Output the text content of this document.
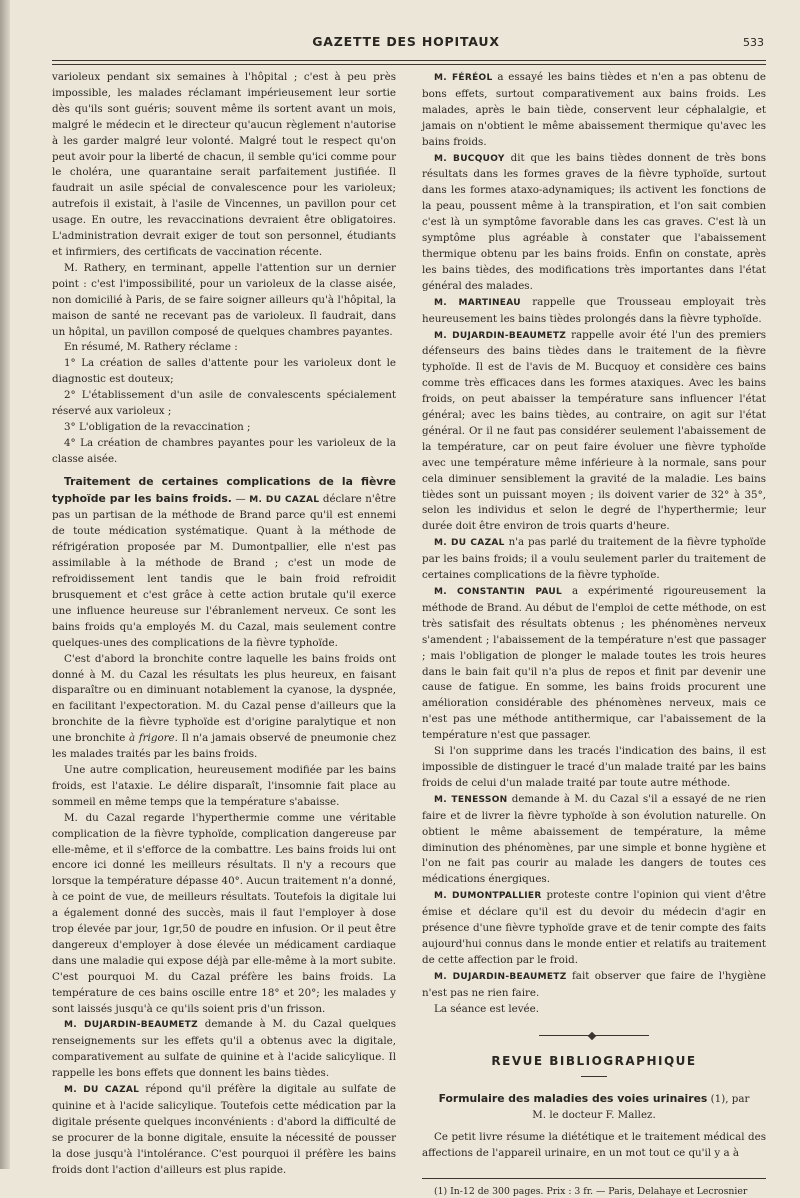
GAZETTE DES HOPITAUX	533

varioleux pendant six semaines à l'hôpital ; c'est à peu près impossible, les malades réclamant impérieusement leur sortie dès qu'ils sont guéris; souvent même ils sortent avant un mois, malgré le médecin et le directeur qu'aucun règlement n'autorise à les garder malgré leur volonté. Malgré tout le respect qu'on peut avoir pour la liberté de chacun, il semble qu'ici comme pour le choléra, une quarantaine serait parfaitement justifiée. Il faudrait un asile spécial de convalescence pour les varioleux; autrefois il existait, à l'asile de Vincennes, un pavillon pour cet usage. En outre, les revaccinations devraient être obligatoires. L'administration devrait exiger de tout son personnel, étudiants et infirmiers, des certificats de vaccination récente.

M. Rathery, en terminant, appelle l'attention sur un dernier point : c'est l'impossibilité, pour un varioleux de la classe aisée, non domicilié à Paris, de se faire soigner ailleurs qu'à l'hôpital, la maison de santé ne recevant pas de varioleux. Il faudrait, dans un hôpital, un pavillon composé de quelques chambres payantes.

En résumé, M. Rathery réclame :

1° La création de salles d'attente pour les varioleux dont le diagnostic est douteux;

2° L'établissement d'un asile de convalescents spécialement réservé aux varioleux ;

3° L'obligation de la revaccination ;

4° La création de chambres payantes pour les varioleux de la classe aisée.

Traitement de certaines complications de la fièvre typhoïde par les bains froids. — M. DU CAZAL déclare n'être pas un partisan de la méthode de Brand parce qu'il est ennemi de toute médication systématique. Quant à la méthode de réfrigération proposée par M. Dumontpallier, elle n'est pas assimilable à la méthode de Brand ; c'est un mode de refroidissement lent tandis que le bain froid refroidit brusquement et c'est grâce à cette action brutale qu'il exerce une influence heureuse sur l'ébranlement nerveux. Ce sont les bains froids qu'a employés M. du Cazal, mais seulement contre quelques-unes des complications de la fièvre typhoïde.

C'est d'abord la bronchite contre laquelle les bains froids ont donné à M. du Cazal les résultats les plus heureux, en faisant disparaître ou en diminuant notablement la cyanose, la dyspnée, en facilitant l'expectoration. M. du Cazal pense d'ailleurs que la bronchite de la fièvre typhoïde est d'origine paralytique et non une bronchite à frigore. Il n'a jamais observé de pneumonie chez les malades traités par les bains froids.

Une autre complication, heureusement modifiée par les bains froids, est l'ataxie. Le délire disparaît, l'insomnie fait place au sommeil en même temps que la température s'abaisse.

M. du Cazal regarde l'hyperthermie comme une véritable complication de la fièvre typhoïde, complication dangereuse par elle-même, et il s'efforce de la combattre. Les bains froids lui ont encore ici donné les meilleurs résultats. Il n'y a recours que lorsque la température dépasse 40°. Aucun traitement n'a donné, à ce point de vue, de meilleurs résultats. Toutefois la digitale lui a également donné des succès, mais il faut l'employer à dose trop élevée par jour, 1gr,50 de poudre en infusion. Or il peut être dangereux d'employer à dose élevée un médicament cardiaque dans une maladie qui expose déjà par elle-même à la mort subite. C'est pourquoi M. du Cazal préfère les bains froids. La température de ces bains oscille entre 18° et 20°; les malades y sont laissés jusqu'à ce qu'ils soient pris d'un frisson.

M. DUJARDIN-BEAUMETZ demande à M. du Cazal quelques renseignements sur les effets qu'il a obtenus avec la digitale, comparativement au sulfate de quinine et à l'acide salicylique. Il rappelle les bons effets que donnent les bains tièdes.

M. DU CAZAL répond qu'il préfère la digitale au sulfate de quinine et à l'acide salicylique. Toutefois cette médication par la digitale présente quelques inconvénients : d'abord la difficulté de se procurer de la bonne digitale, ensuite la nécessité de pousser la dose jusqu'à l'intolérance. C'est pourquoi il préfère les bains froids dont l'action d'ailleurs est plus rapide.

M. FÉRÉOL a essayé les bains tièdes et n'en a pas obtenu de bons effets, surtout comparativement aux bains froids. Les malades, après le bain tiède, conservent leur céphalalgie, et jamais on n'obtient le même abaissement thermique qu'avec les bains froids.

M. BUCQUOY dit que les bains tièdes donnent de très bons résultats dans les formes graves de la fièvre typhoïde, surtout dans les formes ataxo-adynamiques; ils activent les fonctions de la peau, poussent même à la transpiration, et l'on sait combien c'est là un symptôme favorable dans les cas graves. C'est là un symptôme plus agréable à constater que l'abaissement thermique obtenu par les bains froids. Enfin on constate, après les bains tièdes, des modifications très importantes dans l'état général des malades.

M. MARTINEAU rappelle que Trousseau employait très heureusement les bains tièdes prolongés dans la fièvre typhoïde.

M. DUJARDIN-BEAUMETZ rappelle avoir été l'un des premiers défenseurs des bains tièdes dans le traitement de la fièvre typhoïde. Il est de l'avis de M. Bucquoy et considère ces bains comme très efficaces dans les formes ataxiques. Avec les bains froids, on peut abaisser la température sans influencer l'état général; avec les bains tièdes, au contraire, on agit sur l'état général. Or il ne faut pas considérer seulement l'abaissement de la température, car on peut faire évoluer une fièvre typhoïde avec une température même inférieure à la normale, sans pour cela diminuer sensiblement la gravité de la maladie. Les bains tièdes sont un puissant moyen ; ils doivent varier de 32° à 35°, selon les individus et selon le degré de l'hyperthermie; leur durée doit être environ de trois quarts d'heure.

M. DU CAZAL n'a pas parlé du traitement de la fièvre typhoïde par les bains froids; il a voulu seulement parler du traitement de certaines complications de la fièvre typhoïde.

M. CONSTANTIN PAUL a expérimenté rigoureusement la méthode de Brand. Au début de l'emploi de cette méthode, on est très satisfait des résultats obtenus ; les phénomènes nerveux s'amendent ; l'abaissement de la température n'est que passager ; mais l'obligation de plonger le malade toutes les trois heures dans le bain fait qu'il n'a plus de repos et finit par devenir une cause de fatigue. En somme, les bains froids procurent une amélioration considérable des phénomènes nerveux, mais ce n'est pas une méthode antithermique, car l'abaissement de la température n'est que passager.

Si l'on supprime dans les tracés l'indication des bains, il est impossible de distinguer le tracé d'un malade traité par les bains froids de celui d'un malade traité par toute autre méthode.

M. TENESSON demande à M. du Cazal s'il a essayé de ne rien faire et de livrer la fièvre typhoïde à son évolution naturelle. On obtient le même abaissement de température, la même diminution des phénomènes, par une simple et bonne hygiène et l'on ne fait pas courir au malade les dangers de toutes ces médications énergiques.

M. DUMONTPALLIER proteste contre l'opinion qui vient d'être émise et déclare qu'il est du devoir du médecin d'agir en présence d'une fièvre typhoïde grave et de tenir compte des faits aujourd'hui connus dans le monde entier et relatifs au traitement de cette affection par le froid.

M. DUJARDIN-BEAUMETZ fait observer que faire de l'hygiène n'est pas ne rien faire.

La séance est levée.

REVUE BIBLIOGRAPHIQUE

Formulaire des maladies des voies urinaires (1), par

M. le docteur F. Mallez.

Ce petit livre résume la diététique et le traitement médical des affections de l'appareil urinaire, en un mot tout ce qu'il y a à

(1) In-12 de 300 pages. Prix : 3 fr. — Paris, Delahaye et Lecrosnier
